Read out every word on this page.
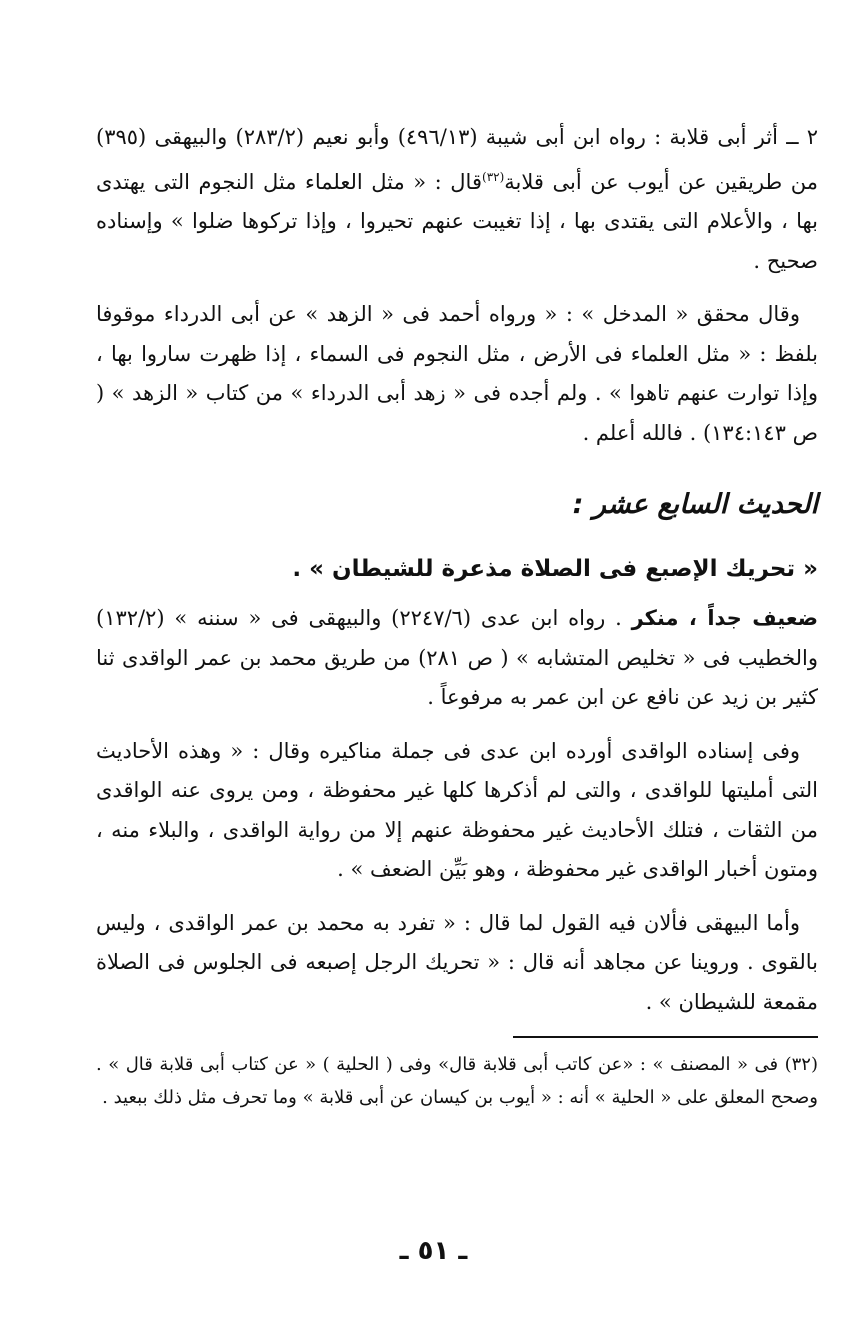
٢ ــ أثر أبى قلابة : رواه ابن أبى شيبة (٤٩٦/١٣) وأبو نعيم (٢٨٣/٢) والبيهقى (٣٩٥) من طريقين عن أيوب عن أبى قلابة$^{(٣٢)}$قال : « مثل العلماء مثل النجوم التى يهتدى بها ، والأعلام التى يقتدى بها ، إذا تغيبت عنهم تحيروا ، وإذا تركوها ضلوا » وإسناده صحيح .

وقال محقق « المدخل » : « ورواه أحمد فى « الزهد » عن أبى الدرداء موقوفا بلفظ : « مثل العلماء فى الأرض ، مثل النجوم فى السماء ، إذا ظهرت ساروا بها ، وإذا توارت عنهم تاهوا » . ولم أجده فى « زهد أبى الدرداء » من كتاب « الزهد » ( ص ١٣٤:١٤٣) . فالله أعلم .

الحديث السابع عشر :

« تحريك الإصبع فى الصلاة مذعرة للشيطان » .

ضعيف جداً ، منكر . رواه ابن عدى (٢٢٤٧/٦) والبيهقى فى « سننه » (١٣٢/٢) والخطيب فى « تخليص المتشابه » ( ص ٢٨١) من طريق محمد بن عمر الواقدى ثنا كثير بن زيد عن نافع عن ابن عمر به مرفوعاً .

وفى إسناده الواقدى أورده ابن عدى فى جملة مناكيره وقال : « وهذه الأحاديث التى أمليتها للواقدى ، والتى لم أذكرها كلها غير محفوظة ، ومن يروى عنه الواقدى من الثقات ، فتلك الأحاديث غير محفوظة عنهم إلا من رواية الواقدى ، والبلاء منه ، ومتون أخبار الواقدى غير محفوظة ، وهو بَيِّن الضعف » .

وأما البيهقى فألان فيه القول لما قال : « تفرد به محمد بن عمر الواقدى ، وليس بالقوى . وروينا عن مجاهد أنه قال : « تحريك الرجل إصبعه فى الجلوس فى الصلاة مقمعة للشيطان » .

(٣٢) فى « المصنف » : «عن كاتب أبى قلابة قال» وفى ( الحلية ) « عن كتاب أبى قلابة قال » . وصحح المعلق على « الحلية » أنه : « أيوب بن كيسان عن أبى قلابة » وما تحرف مثل ذلك ببعيد .

ـ ٥١ ـ
